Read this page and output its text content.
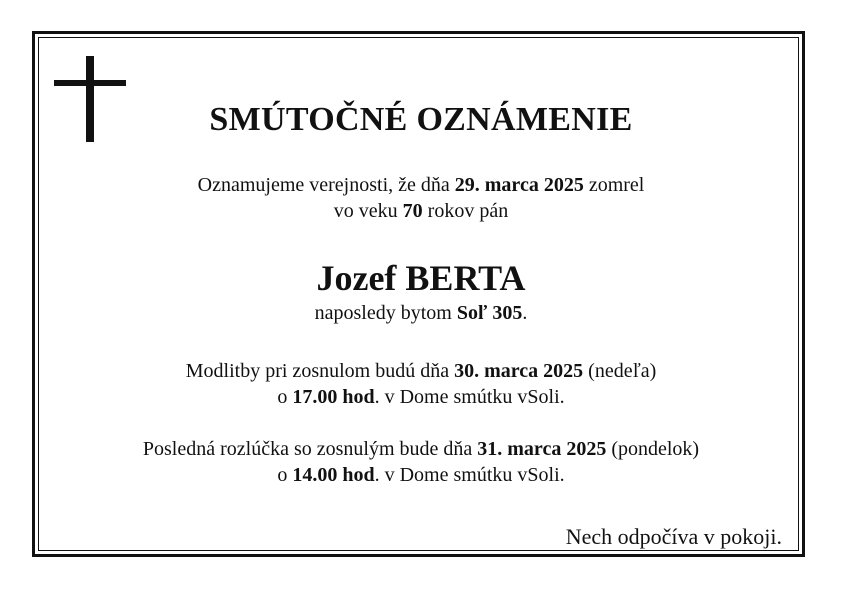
SMÚTOČNÉ OZNÁMENIE
Oznamujeme verejnosti, že dňa 29. marca 2025 zomrel
vo veku 70 rokov pán
Jozef BERTA
naposledy bytom Soľ 305.
Modlitby pri zosnulom budú dňa 30. marca 2025 (nedeľa)
o 17.00 hod. v Dome smútku vSoli.
Posledná rozlúčka so zosnulým bude dňa 31. marca 2025 (pondelok)
o 14.00 hod. v Dome smútku vSoli.
Nech odpočíva v pokoji.
